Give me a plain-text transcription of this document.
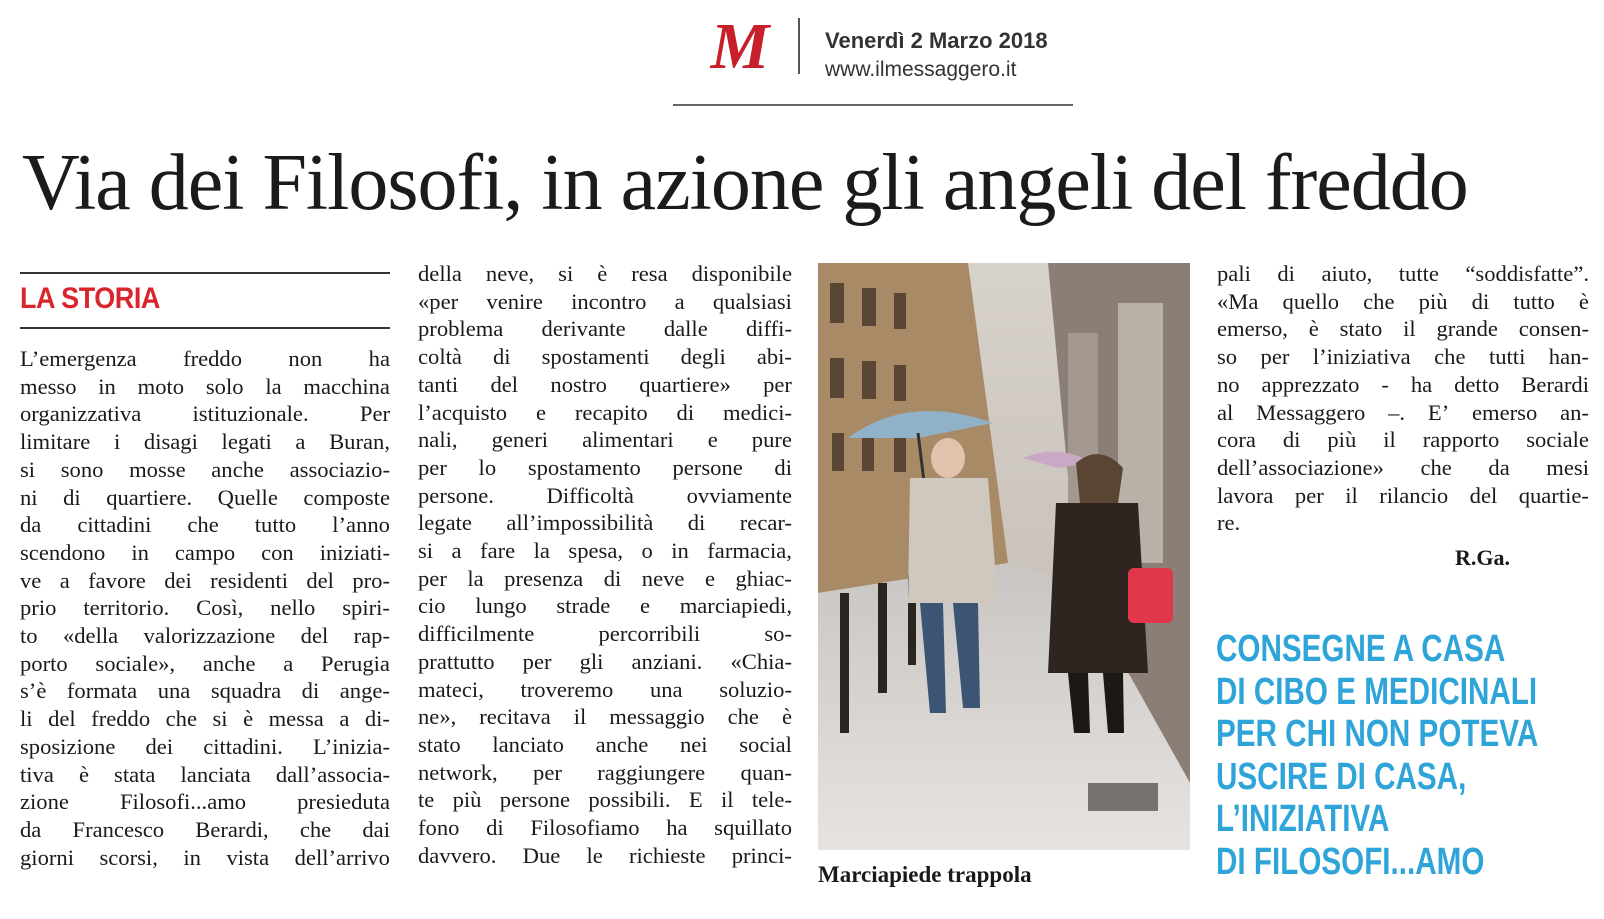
M	Venerdì 2 Marzo 2018
www.ilmessaggero.it
Via dei Filosofi, in azione gli angeli del freddo
LA STORIA
L’emergenza freddo non ha
messo in moto solo la macchina
organizzativa istituzionale. Per
limitare i disagi legati a Buran,
si sono mosse anche associazio-
ni di quartiere. Quelle composte
da cittadini che tutto l’anno
scendono in campo con iniziati-
ve a favore dei residenti del pro-
prio territorio. Così, nello spiri-
to «della valorizzazione del rap-
porto sociale», anche a Perugia
s’è formata una squadra di ange-
li del freddo che si è messa a di-
sposizione dei cittadini. L’inizia-
tiva è stata lanciata dall’associa-
zione Filosofi...amo presieduta
da Francesco Berardi, che dai
giorni scorsi, in vista dell’arrivo
della neve, si è resa disponibile
«per venire incontro a qualsiasi
problema derivante dalle diffi-
coltà di spostamenti degli abi-
tanti del nostro quartiere» per
l’acquisto e recapito di medici-
nali, generi alimentari e pure
per lo spostamento persone di
persone. Difficoltà ovviamente
legate all’impossibilità di recar-
si a fare la spesa, o in farmacia,
per la presenza di neve e ghiac-
cio lungo strade e marciapiedi,
difficilmente	percorribili	so-
prattutto per gli anziani. «Chia-
mateci, troveremo una soluzio-
ne», recitava il messaggio che è
stato lanciato anche nei social
network, per raggiungere quan-
te più persone possibili. E il tele-
fono di Filosofiamo ha squillato
davvero. Due le richieste princi-
pali di aiuto, tutte “soddisfatte”.
«Ma quello che più di tutto è
emerso, è stato il grande consen-
so per l’iniziativa che tutti han-
no apprezzato - ha detto Berardi
al Messaggero –. E’ emerso an-
cora di più il rapporto sociale
dell’associazione» che da mesi
lavora per il rilancio del quartie-
re.
R.Ga.
Marciapiede trappola
CONSEGNE A CASA
DI CIBO E MEDICINALI
PER CHI NON POTEVA
USCIRE DI CASA,
L’INIZIATIVA
DI FILOSOFI...AMO
